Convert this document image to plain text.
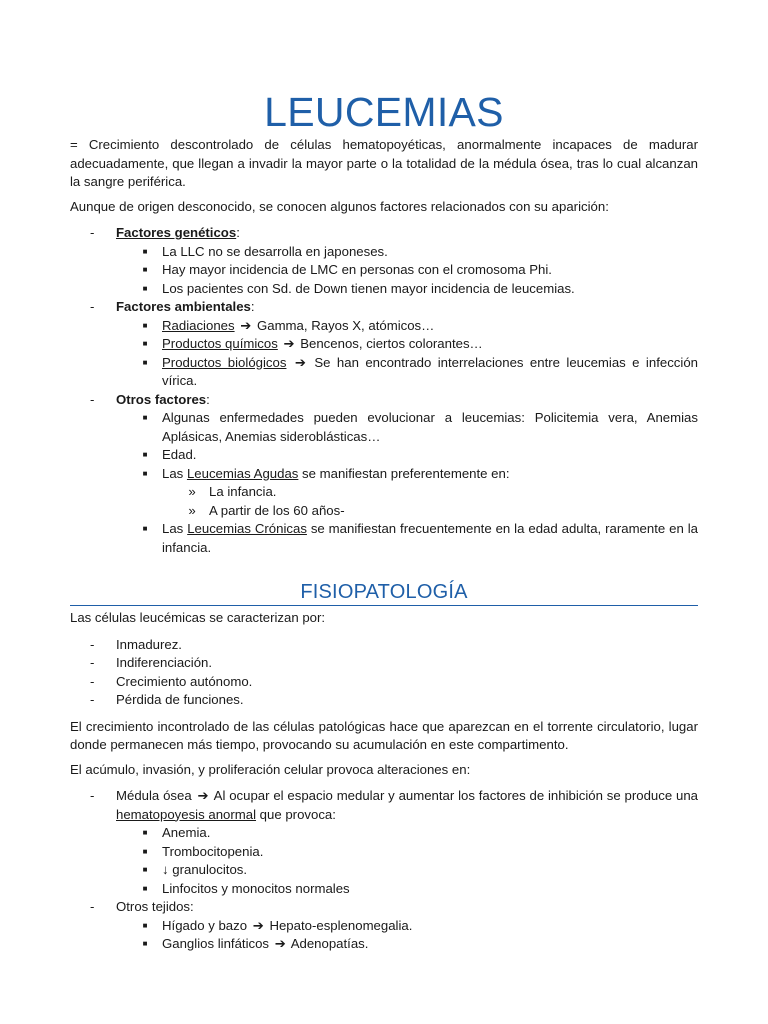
LEUCEMIAS

= Crecimiento descontrolado de células hematopoyéticas, anormalmente incapaces de madurar adecuadamente, que llegan a invadir la mayor parte o la totalidad de la médula ósea, tras lo cual alcanzan la sangre periférica.

Aunque de origen desconocido, se conocen algunos factores relacionados con su aparición:

-	Factores genéticos:
■ La LLC no se desarrolla en japoneses.
■ Hay mayor incidencia de LMC en personas con el cromosoma Phi.
■ Los pacientes con Sd. de Down tienen mayor incidencia de leucemias.
-	Factores ambientales:
■ Radiaciones ➔ Gamma, Rayos X, atómicos…
■ Productos químicos ➔ Bencenos, ciertos colorantes…
■ Productos biológicos ➔ Se han encontrado interrelaciones entre leucemias e infección vírica.
-	Otros factores:
■ Algunas enfermedades pueden evolucionar a leucemias: Policitemia vera, Anemias Aplásicas, Anemias sideroblásticas…
■ Edad.
■ Las Leucemias Agudas se manifiestan preferentemente en:
»	La infancia.
»	A partir de los 60 años-
■ Las Leucemias Crónicas se manifiestan frecuentemente en la edad adulta, raramente en la infancia.
FISIOPATOLOGÍA

Las células leucémicas se caracterizan por:

-	Inmadurez.
-	Indiferenciación.
-	Crecimiento autónomo.
-	Pérdida de funciones.

El crecimiento incontrolado de las células patológicas hace que aparezcan en el torrente circulatorio, lugar donde permanecen más tiempo, provocando su acumulación en este compartimento.

El acúmulo, invasión, y proliferación celular provoca alteraciones en:

-	Médula ósea ➔ Al ocupar el espacio medular y aumentar los factores de inhibición se produce una hematopoyesis anormal que provoca:
■ Anemia.
■ Trombocitopenia.
■ ↓ granulocitos.
■ Linfocitos y monocitos normales
-	Otros tejidos:
■ Hígado y bazo ➔ Hepato-esplenomegalia.
■ Ganglios linfáticos ➔ Adenopatías.
